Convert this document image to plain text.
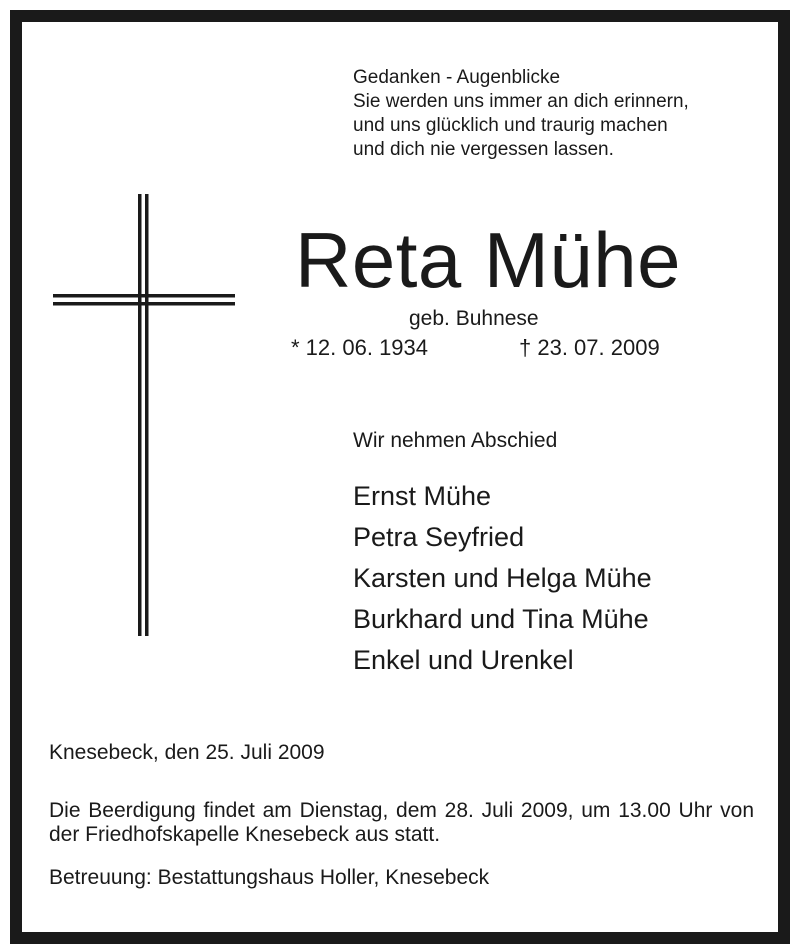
Gedanken - Augenblicke
Sie werden uns immer an dich erinnern,
und uns glücklich und traurig machen
und dich nie vergessen lassen.
Reta Mühe
geb. Buhnese
* 12. 06. 1934	† 23. 07. 2009
Wir nehmen Abschied
Ernst Mühe
Petra Seyfried
Karsten und Helga Mühe
Burkhard und Tina Mühe
Enkel und Urenkel
Knesebeck, den 25. Juli 2009
Die Beerdigung findet am Dienstag, dem 28. Juli 2009, um 13.00 Uhr von der Friedhofskapelle Knesebeck aus statt.
Betreuung: Bestattungshaus Holler, Knesebeck
